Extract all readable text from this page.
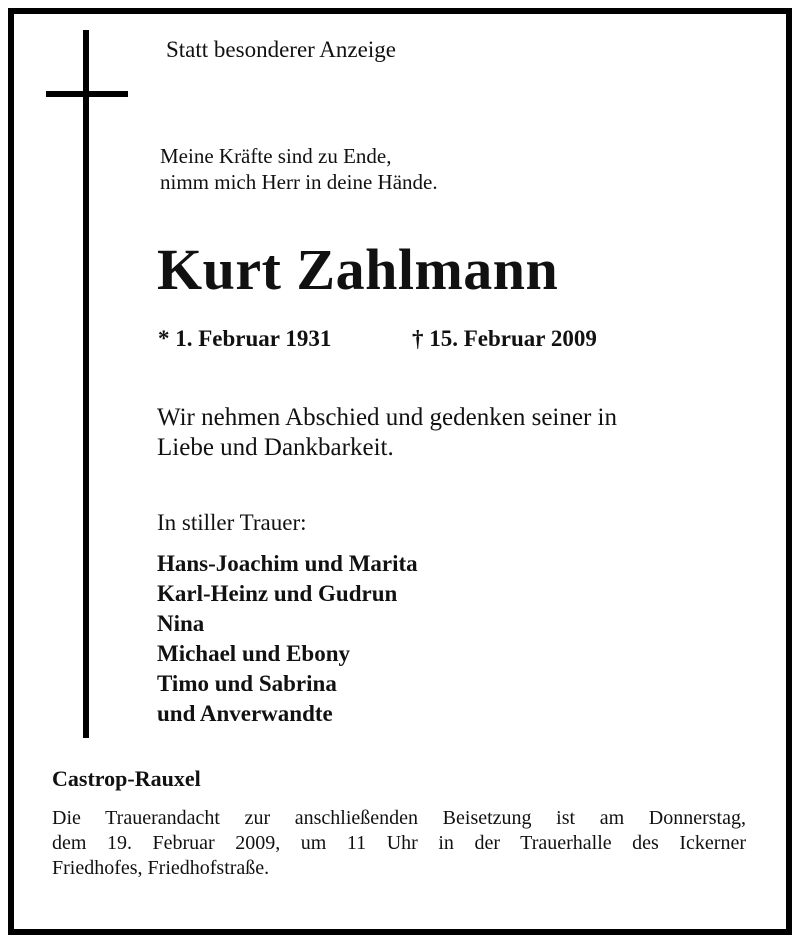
Statt besonderer Anzeige
Meine Kräfte sind zu Ende,
nimm mich Herr in deine Hände.
Kurt Zahlmann
* 1. Februar 1931	† 15. Februar 2009
Wir nehmen Abschied und gedenken seiner in
Liebe und Dankbarkeit.
In stiller Trauer:
Hans-Joachim und Marita
Karl-Heinz und Gudrun
Nina
Michael und Ebony
Timo und Sabrina
und Anverwandte
Castrop-Rauxel
Die Trauerandacht zur anschließenden Beisetzung ist am Donnerstag,
dem 19. Februar 2009, um 11 Uhr in der Trauerhalle des Ickerner
Friedhofes, Friedhofstraße.
